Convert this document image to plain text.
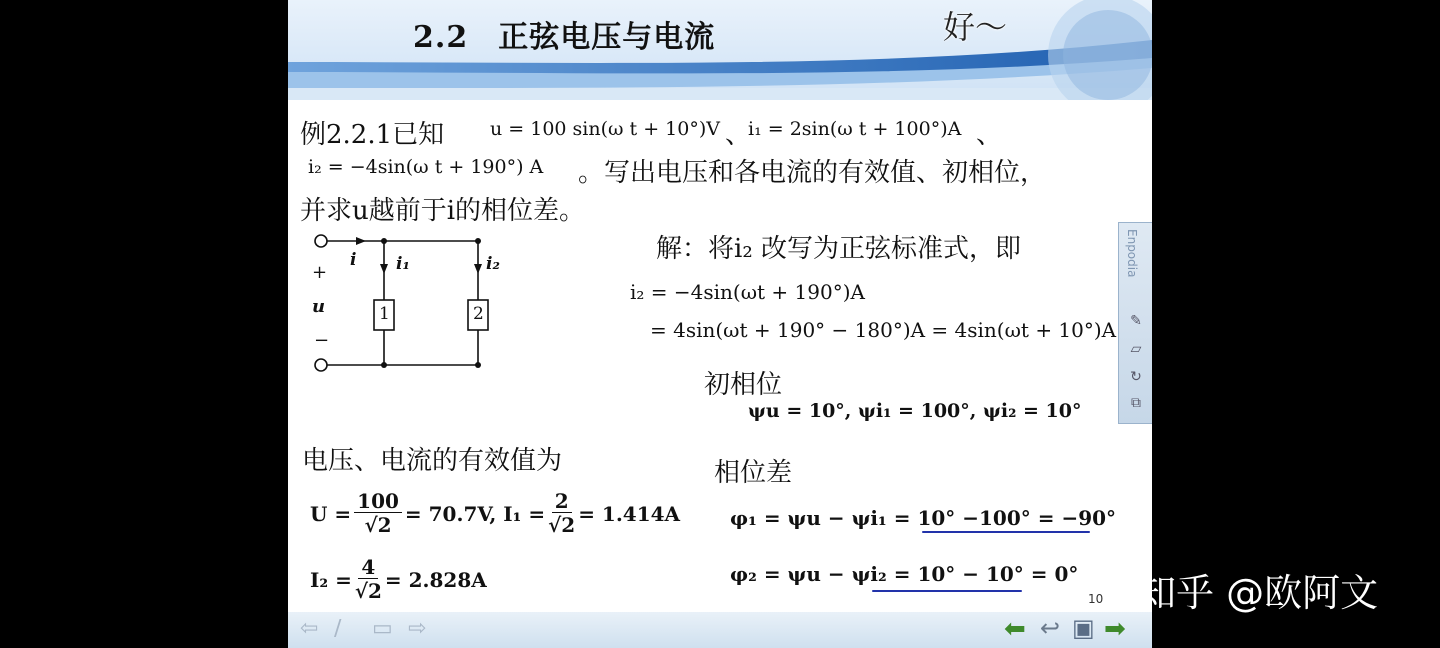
2.2 正弦电压与电流	好～
例2.2.1已知 u = 100 sin(ω t + 10°)V 、
i₁ = 2sin(ω t + 100°)A 、
i₂ = −4sin(ω t + 190°) A 。写出电压和各电流的有效值、初相位，
并求u越前于i的相位差。
+
u
−
i i₁	i₂
1	2
解：将i₂ 改写为正弦标准式，即
i₂ = −4sin(ωt + 190°)A
= 4sin(ωt + 190° − 180°)A = 4sin(ωt + 10°)A
初相位
ψu = 10°, ψi₁ = 100°, ψi₂ = 10°
电压、电流的有效值为
$U = \frac{100}{√2} = 70.7V$, $I_1 = \frac{2}{√2} = 1.414A$
$I_2 = \frac{4}{√2} = 2.828A$
相位差
φ₁ = ψu − ψi₁ = 10° −100° = −90°
φ₂ = ψu − ψi₂ = 10° − 10° = 0°
Enpodia
✎
▱
↻
⧉
⇦ ∕ ▭ ⇨	⬅ ↩ ▣ ➡
10 知乎 @欧阿文
